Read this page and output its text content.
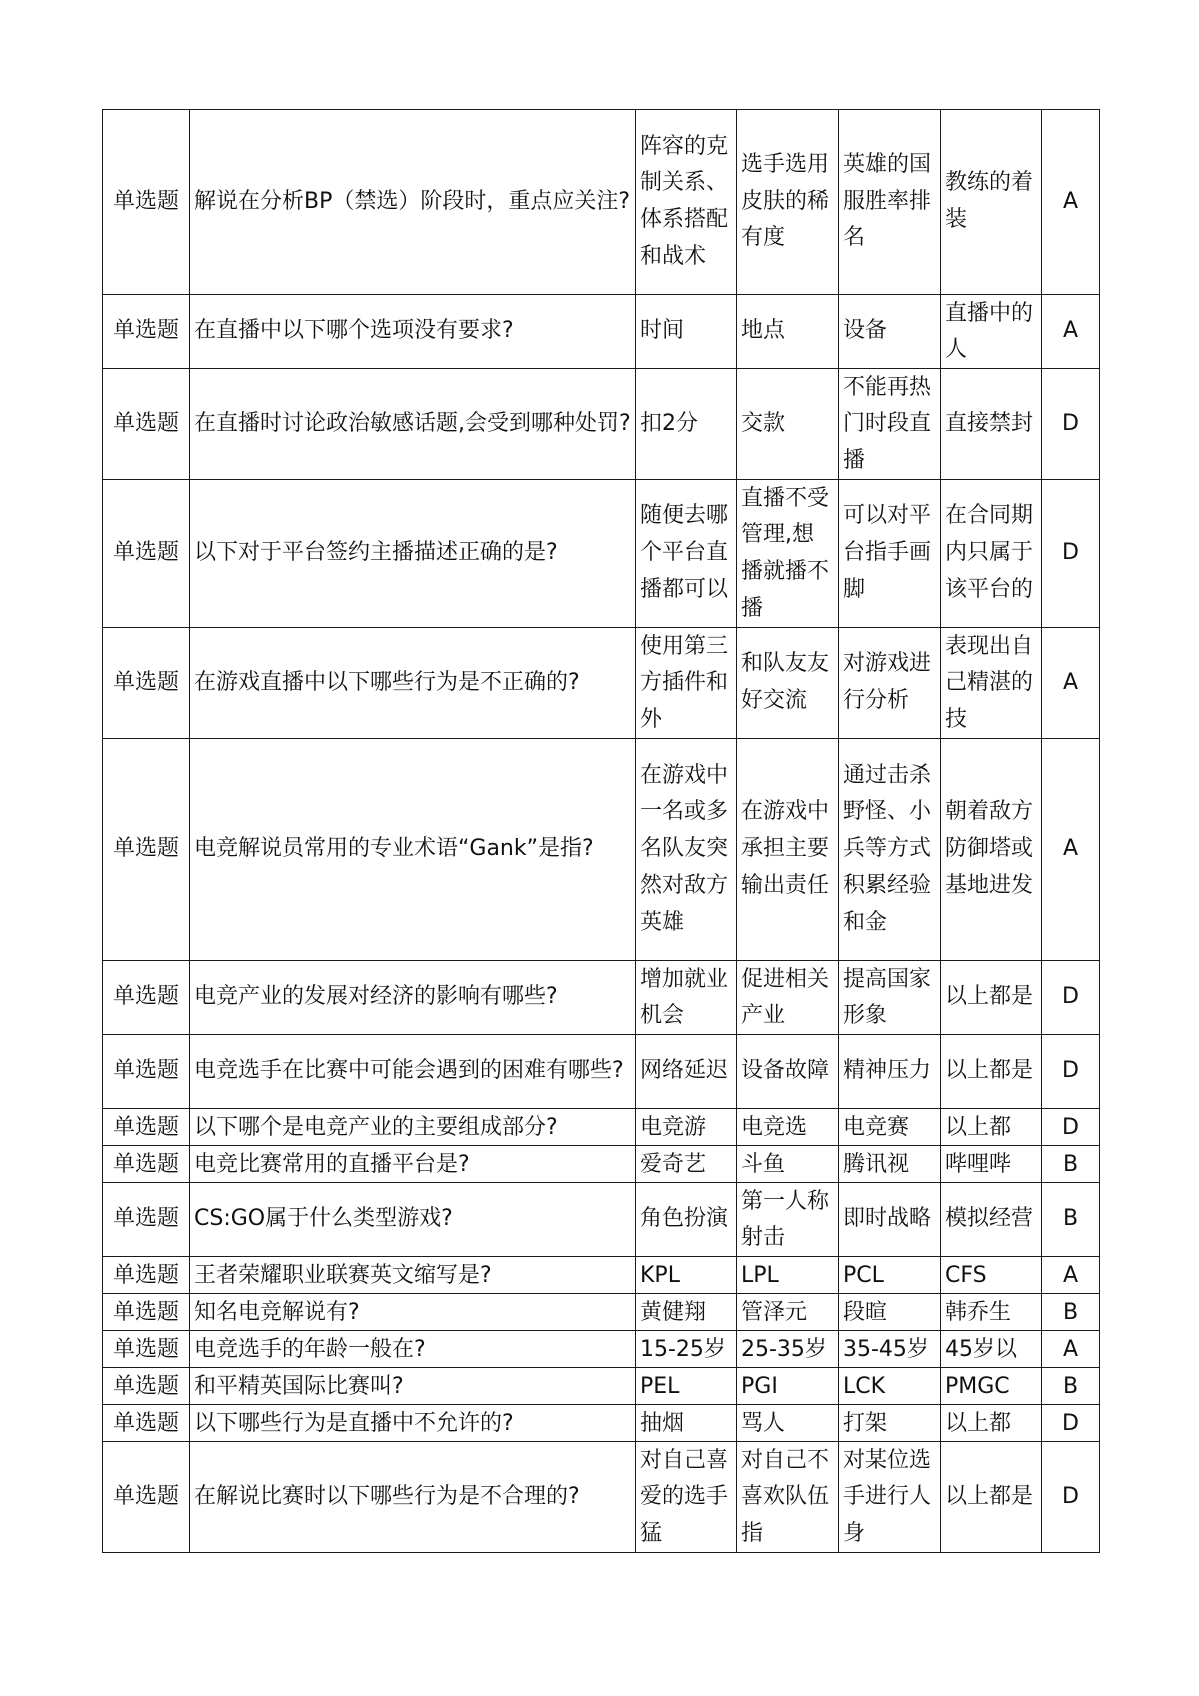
单选题	解说在分析BP（禁选）阶段时，重点应关注?	阵容的克制关系、体系搭配和战术	选手选用皮肤的稀有度	英雄的国服胜率排名	教练的着装	A

单选题	在直播中以下哪个选项没有要求?	时间	地点	设备	直播中的人	A

单选题	在直播时讨论政治敏感话题,会受到哪种处罚?	扣2分	交款	不能再热门时段直播	直接禁封	D

单选题	以下对于平台签约主播描述正确的是?	随便去哪个平台直播都可以	直播不受管理,想播就播不播	可以对平台指手画脚	在合同期内只属于该平台的	D

单选题	在游戏直播中以下哪些行为是不正确的?	使用第三方插件和外	和队友友好交流	对游戏进行分析	表现出自己精湛的技	A

单选题	电竞解说员常用的专业术语“Gank”是指?	在游戏中一名或多名队友突然对敌方英雄	在游戏中承担主要输出责任	通过击杀野怪、小兵等方式积累经验和金	朝着敌方防御塔或基地进发	A

单选题	电竞产业的发展对经济的影响有哪些?	增加就业机会	促进相关产业	提高国家形象	以上都是	D

单选题	电竞选手在比赛中可能会遇到的困难有哪些?	网络延迟	设备故障	精神压力	以上都是	D

单选题	以下哪个是电竞产业的主要组成部分?	电竞游	电竞选	电竞赛	以上都	D

单选题	电竞比赛常用的直播平台是?	爱奇艺	斗鱼	腾讯视	哔哩哔	B

单选题	CS:GO属于什么类型游戏?	角色扮演	第一人称射击	即时战略	模拟经营	B

单选题	王者荣耀职业联赛英文缩写是?	KPL	LPL	PCL	CFS	A

单选题	知名电竞解说有?	黄健翔	管泽元	段暄	韩乔生	B

单选题	电竞选手的年龄一般在?	15-25岁	25-35岁	35-45岁	45岁以	A

单选题	和平精英国际比赛叫?	PEL	PGI	LCK	PMGC	B

单选题	以下哪些行为是直播中不允许的?	抽烟	骂人	打架	以上都	D

单选题	在解说比赛时以下哪些行为是不合理的?	对自己喜爱的选手猛	对自己不喜欢队伍指	对某位选手进行人身	以上都是	D
